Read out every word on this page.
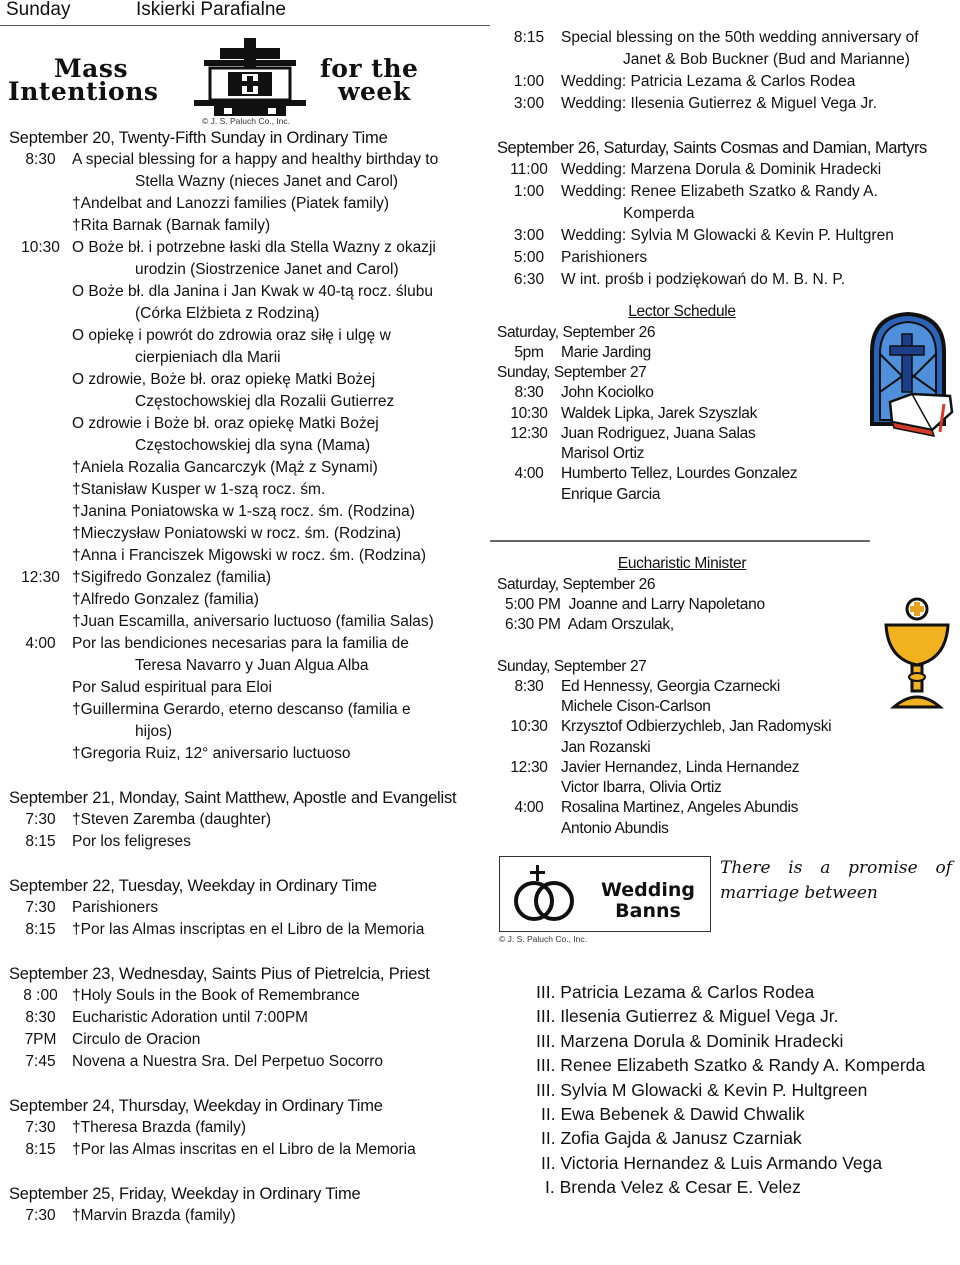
Sunday	Iskierki Parafialne
Mass
Intentions
for the
week
© J. S. Paluch Co., Inc.
September 20, Twenty-Fifth Sunday in Ordinary Time
8:30	A special blessing for a happy and healthy birthday to
Stella Wazny (nieces Janet and Carol)
†Andelbat and Lanozzi families (Piatek family)
†Rita Barnak (Barnak family)
10:30 O Boże bł. i potrzebne łaski dla Stella Wazny z okazji
urodzin (Siostrzenice Janet and Carol)
O Boże bł. dla Janina i Jan Kwak w 40-tą rocz. ślubu
(Córka Elżbieta z Rodziną)
O opiekę i powrót do zdrowia oraz siłę i ulgę w
cierpieniach dla Marii
O zdrowie, Boże bł. oraz opiekę Matki Bożej
Częstochowskiej dla Rozalii Gutierrez
O zdrowie i Boże bł. oraz opiekę Matki Bożej
Częstochowskiej dla syna (Mama)
†Aniela Rozalia Gancarczyk (Mąż z Synami)
†Stanisław Kusper w 1-szą rocz. śm.
†Janina Poniatowska w 1-szą rocz. śm. (Rodzina)
†Mieczysław Poniatowski w rocz. śm. (Rodzina)
†Anna i Franciszek Migowski w rocz. śm. (Rodzina)
12:30 †Sigifredo Gonzalez (familia)
†Alfredo Gonzalez (familia)
†Juan Escamilla, aniversario luctuoso (familia Salas)
4:00	Por las bendiciones necesarias para la familia de
Teresa Navarro y Juan Algua Alba
Por Salud espiritual para Eloi
†Guillermina Gerardo, eterno descanso (familia e
hijos)
†Gregoria Ruiz, 12° aniversario luctuoso
September 21, Monday, Saint Matthew, Apostle and Evangelist
7:30	†Steven Zaremba (daughter)
8:15	Por los feligreses
September 22, Tuesday, Weekday in Ordinary Time
7:30	Parishioners
8:15	†Por las Almas inscriptas en el Libro de la Memoria
September 23, Wednesday, Saints Pius of Pietrelcia, Priest
8 :00 †Holy Souls in the Book of Remembrance
8:30	Eucharistic Adoration until 7:00PM
7PM	Circulo de Oracion
7:45	Novena a Nuestra Sra. Del Perpetuo Socorro
September 24, Thursday, Weekday in Ordinary Time
7:30	†Theresa Brazda (family)
8:15	†Por las Almas inscritas en el Libro de la Memoria
September 25, Friday, Weekday in Ordinary Time
7:30	†Marvin Brazda (family)
8:15	Special blessing on the 50th wedding anniversary of
Janet & Bob Buckner (Bud and Marianne)
1:00	Wedding: Patricia Lezama & Carlos Rodea
3:00	Wedding: Ilesenia Gutierrez & Miguel Vega Jr.
September 26, Saturday, Saints Cosmas and Damian, Martyrs
11:00 Wedding: Marzena Dorula & Dominik Hradecki
1:00	Wedding: Renee Elizabeth Szatko & Randy A.
Komperda
3:00	Wedding: Sylvia M Glowacki & Kevin P. Hultgren
5:00	Parishioners
6:30	W int. prośb i podziękowań do M. B. N. P.
Lector Schedule
Saturday, September 26
5pm	Marie Jarding
Sunday, September 27
8:30	John Kociolko
10:30 Waldek Lipka, Jarek Szyszlak
12:30 Juan Rodriguez, Juana Salas
Marisol Ortiz
4:00	Humberto Tellez, Lourdes Gonzalez
Enrique Garcia
Eucharistic Minister
Saturday, September 26
5:00 PM  Joanne and Larry Napoletano
6:30 PM  Adam Orszulak,
Sunday, September 27
8:30	Ed Hennessy, Georgia Czarnecki
Michele Cison-Carlson
10:30 Krzysztof Odbierzychleb, Jan Radomyski
Jan Rozanski
12:30 Javier Hernandez, Linda Hernandez
Victor Ibarra, Olivia Ortiz
4:00	Rosalina Martinez, Angeles Abundis
Antonio Abundis
Wedding
Banns
© J. S. Paluch Co., Inc.
There is a promise of marriage between
III. Patricia Lezama & Carlos Rodea
III. Ilesenia Gutierrez & Miguel Vega Jr.
III. Marzena Dorula & Dominik Hradecki
III. Renee Elizabeth Szatko & Randy A. Komperda
III. Sylvia M Glowacki & Kevin P. Hultgreen
II. Ewa Bebenek & Dawid Chwalik
II. Zofia Gajda & Janusz Czarniak
II. Victoria Hernandez & Luis Armando Vega
I. Brenda Velez & Cesar E. Velez
